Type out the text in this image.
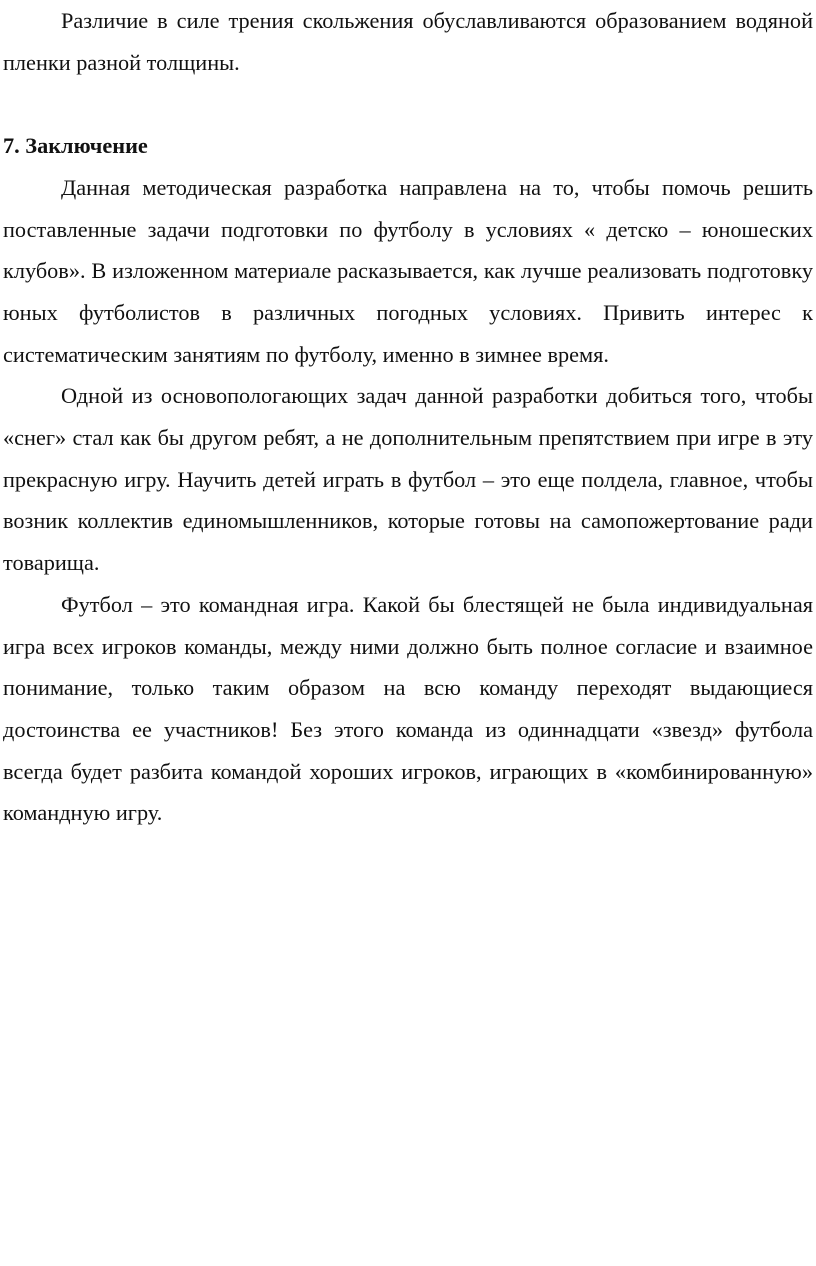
Различие в силе трения скольжения обуславливаются образованием водяной пленки разной толщины.

7. Заключение

Данная методическая разработка направлена на то, чтобы помочь решить поставленные задачи подготовки по футболу в условиях « детско – юношеских клубов». В изложенном материале расказывается, как лучше реализовать подготовку юных футболистов в различных погодных условиях. Привить интерес к систематическим занятиям по футболу, именно в зимнее время.

Одной из основопологающих задач данной разработки добиться того, чтобы «снег» стал как бы другом ребят, а не дополнительным препятствием при игре в эту прекрасную игру. Научить детей играть в футбол – это еще полдела, главное, чтобы возник коллектив единомышленников, которые готовы на самопожертование ради товарища.

Футбол – это командная игра. Какой бы блестящей не была индивидуальная игра всех игроков команды, между ними должно быть полное согласие и взаимное понимание, только таким образом на всю команду переходят выдающиеся достоинства ее участников! Без этого команда из одиннадцати «звезд» футбола всегда будет разбита командой хороших игроков, играющих в «комбинированную» командную игру.
